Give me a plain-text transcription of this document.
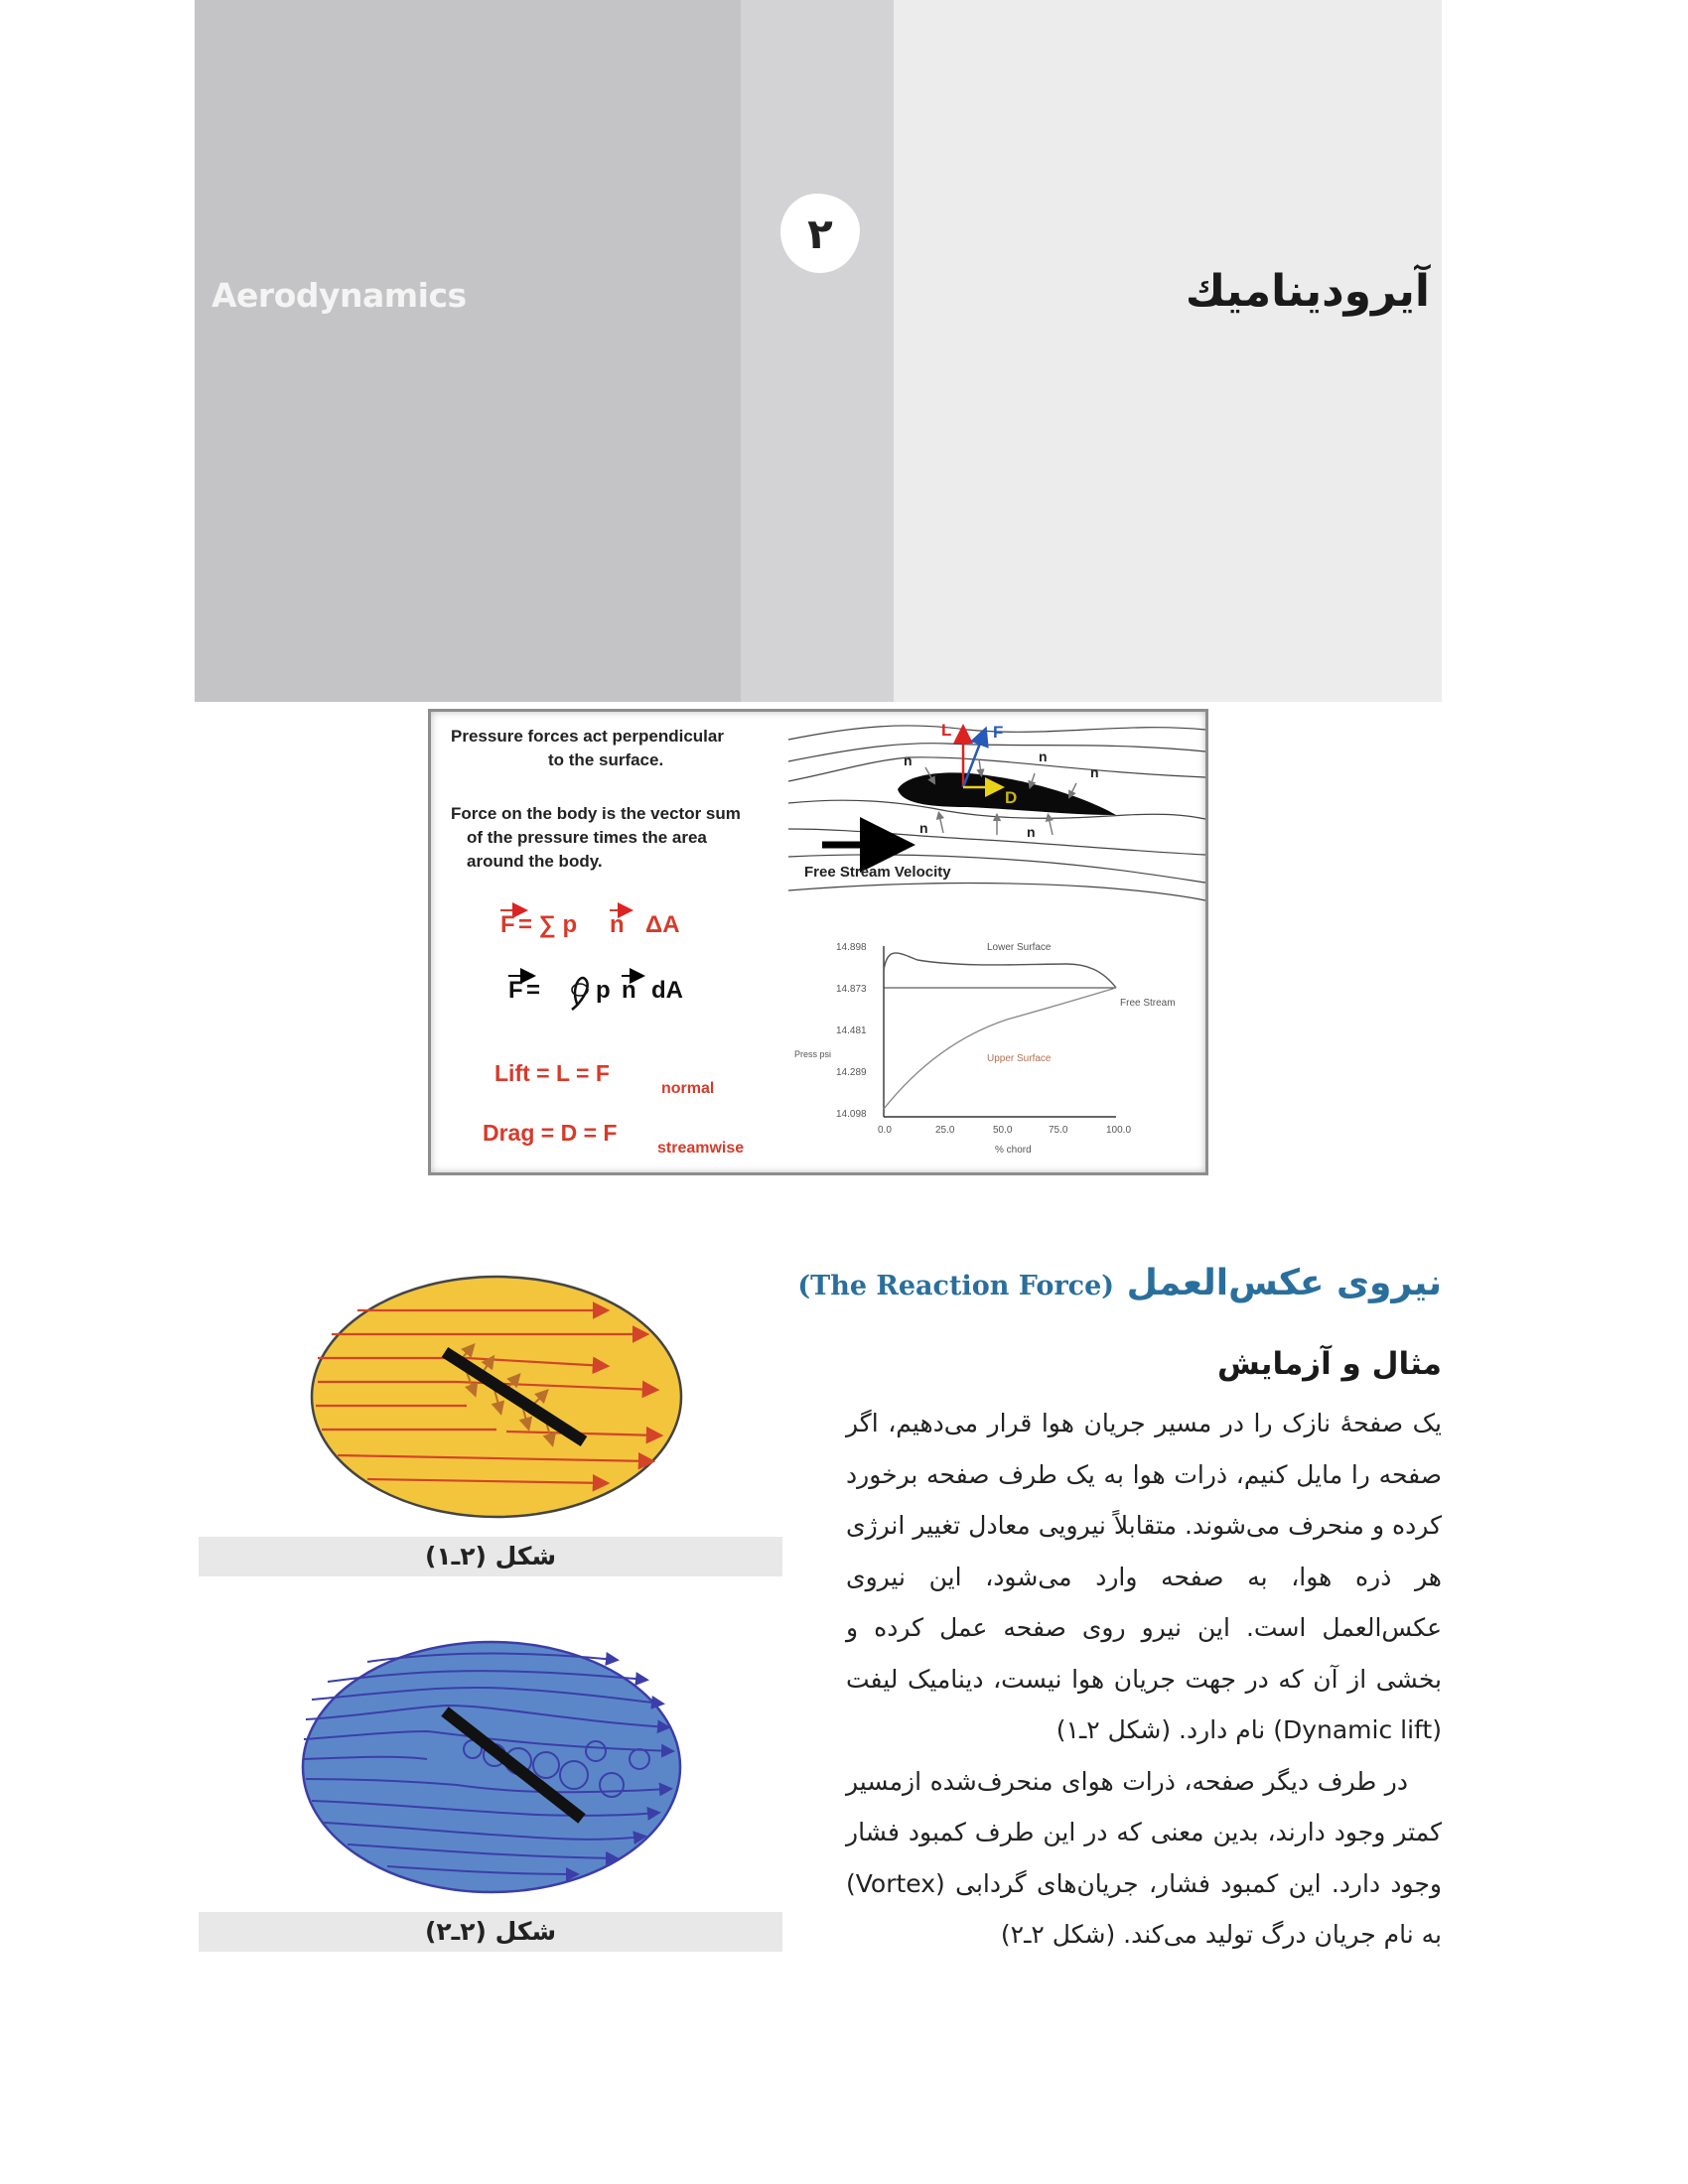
Aerodynamics
۲
آیرودینامیك
Pressure forces act perpendicular
to the surface.
Force on the body is the vector sum
of the pressure times the area
around the body.
F = ∑ p n ΔA
F = p n dA
Lift = L = F
normal
Drag = D = F
streamwise
n	n
n
n	n
L F
D
Free Stream Velocity
14.898
14.873
14.481
14.289
14.098
0.0	25.0	50.0	75.0	100.0
Press psi
% chord
Lower Surface
Upper Surface
Free Stream
نیروی عکس‌العمل (The Reaction Force)
مثال و آزمایش

یک صفحهٔ نازک را در مسیر جریان هوا قرار می‌دهیم، اگر صفحه را مایل کنیم، ذرات هوا به یک طرف صفحه برخورد کرده و منحرف می‌شوند. متقابلاً نیرویی معادل تغییر انرژی هر ذره هوا، به صفحه وارد می‌شود، این نیروی عکس‌العمل است. این نیرو روی صفحه عمل کرده و بخشی از آن که در جهت جریان هوا نیست، دینامیک لیفت (Dynamic lift) نام دارد. (شکل ۲ـ۱)

در طرف دیگر صفحه، ذرات هوای منحرف‌شده ازمسیر کمتر وجود دارند، بدین معنی که در این طرف کمبود فشار وجود دارد. این کمبود فشار، جریان‌های گردابی (Vortex) به نام جریان درگ تولید می‌کند. (شکل ۲ـ۲)

شکل (۲ـ۱)
شکل (۲ـ۲)
